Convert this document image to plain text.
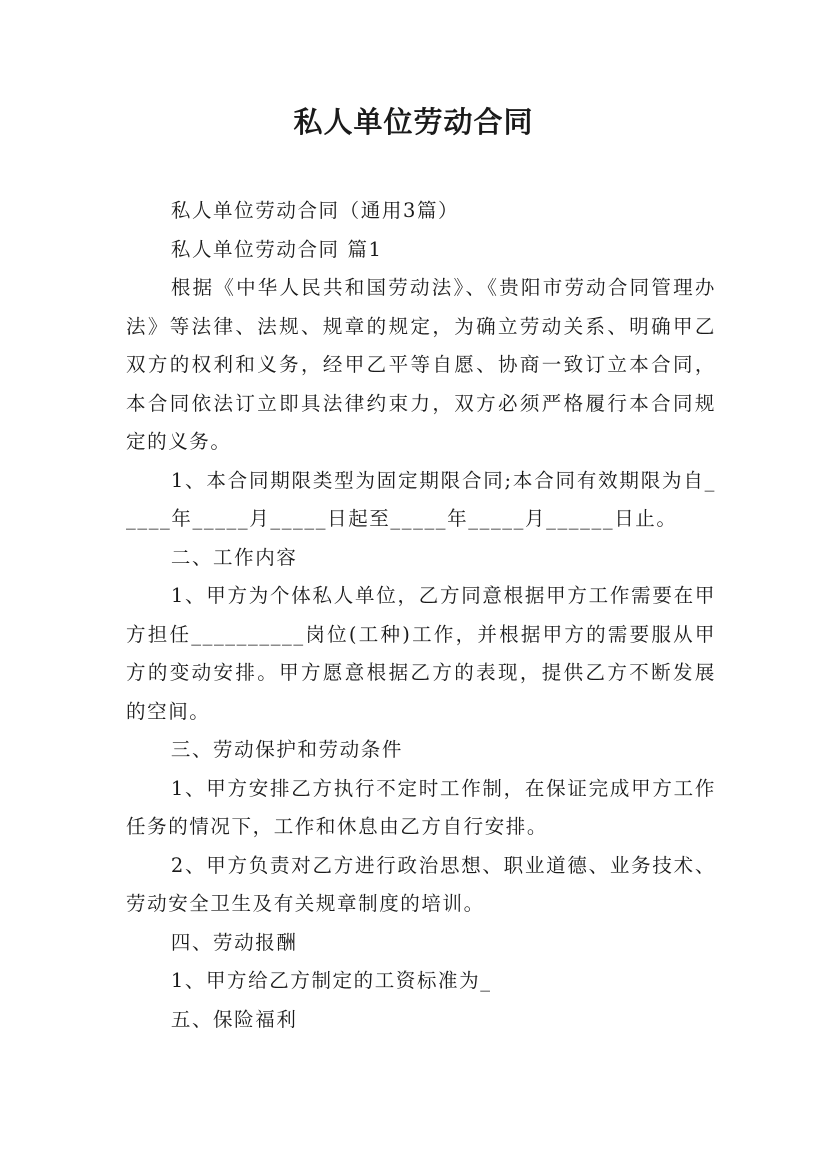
私人单位劳动合同

私人单位劳动合同（通用3篇）

私人单位劳动合同 篇1

根据《中华人民共和国劳动法》、《贵阳市劳动合同管理办法》等法律、法规、规章的规定，为确立劳动关系、明确甲乙双方的权利和义务，经甲乙平等自愿、协商一致订立本合同，本合同依法订立即具法律约束力，双方必须严格履行本合同规定的义务。

1、本合同期限类型为固定期限合同;本合同有效期限为自_____年_____月_____日起至_____年_____月______日止。

二、工作内容

1、甲方为个体私人单位，乙方同意根据甲方工作需要在甲方担任__________岗位(工种)工作，并根据甲方的需要服从甲方的变动安排。甲方愿意根据乙方的表现，提供乙方不断发展的空间。

三、劳动保护和劳动条件

1、甲方安排乙方执行不定时工作制，在保证完成甲方工作任务的情况下，工作和休息由乙方自行安排。

2、甲方负责对乙方进行政治思想、职业道德、业务技术、劳动安全卫生及有关规章制度的培训。

四、劳动报酬

1、甲方给乙方制定的工资标准为_

五、保险福利
